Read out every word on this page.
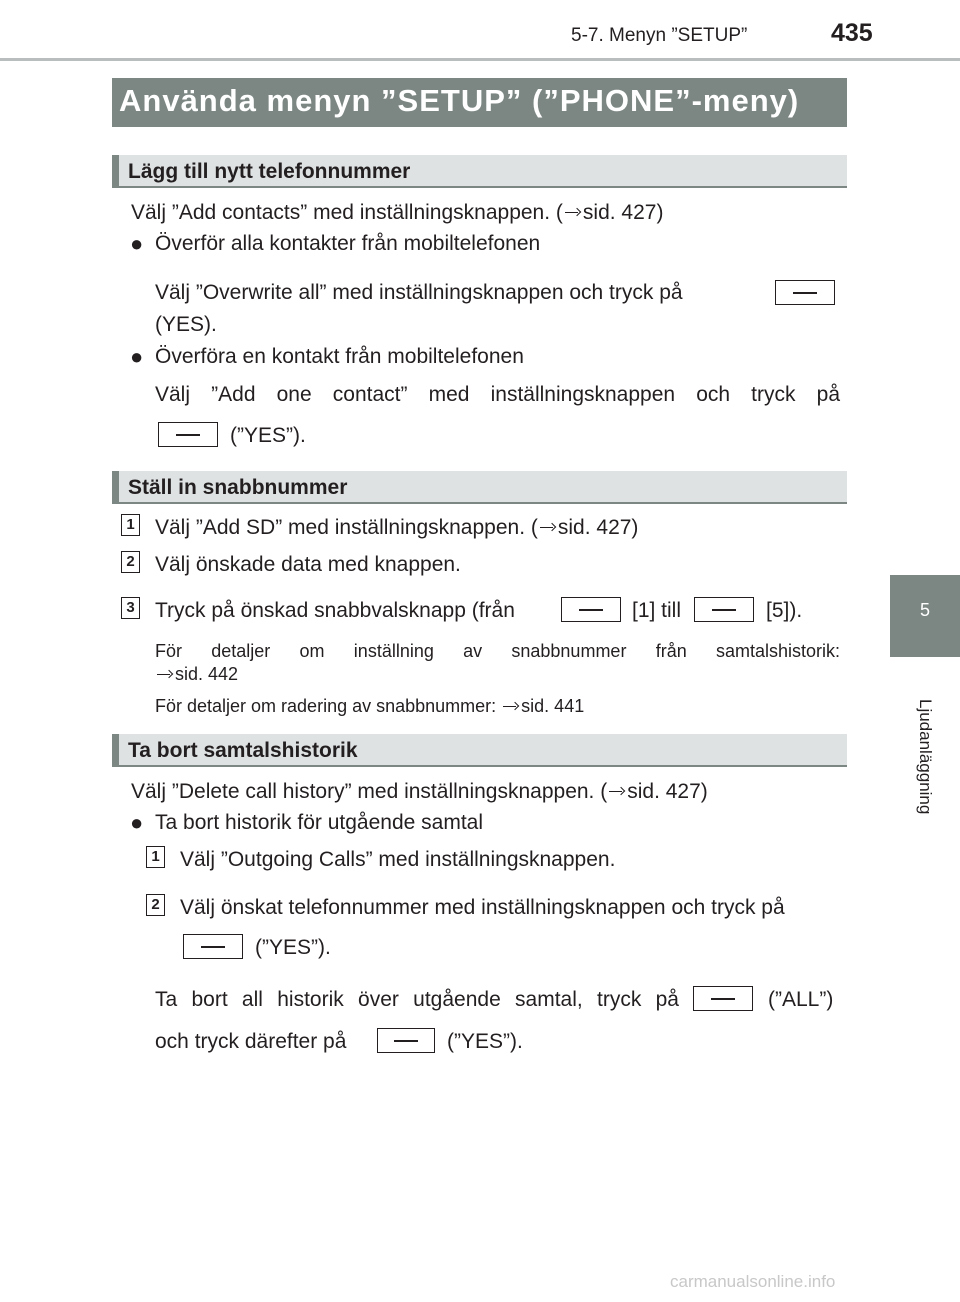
5-7. Menyn ”SETUP”	435
5
Ljudanläggning
Använda menyn ”SETUP” (”PHONE”-meny)
Lägg till nytt telefonnummer
Välj ”Add contacts” med inställningsknappen. ( sid. 427)
● Överför alla kontakter från mobiltelefonen
Välj ”Overwrite all” med inställningsknappen och tryck på
(YES).
● Överföra en kontakt från mobiltelefonen
Välj ”Add one contact” med inställningsknappen och tryck på
(”YES”).
Ställ in snabbnummer
1 Välj ”Add SD” med inställningsknappen. ( sid. 427)
2 Välj önskade data med knappen.
3 Tryck på önskad snabbvalsknapp (från	[1] till	[5]).
För detaljer om inställning av snabbnummer från samtalshistorik:
sid. 442
För detaljer om radering av snabbnummer: sid. 441
Ta bort samtalshistorik
Välj ”Delete call history” med inställningsknappen. ( sid. 427)
● Ta bort historik för utgående samtal
1 Välj ”Outgoing Calls” med inställningsknappen.
2 Välj önskat telefonnummer med inställningsknappen och tryck på
(”YES”).
Ta bort all historik över utgående samtal, tryck på	(”ALL”)
och tryck därefter på	(”YES”).
carmanualsonline.info
